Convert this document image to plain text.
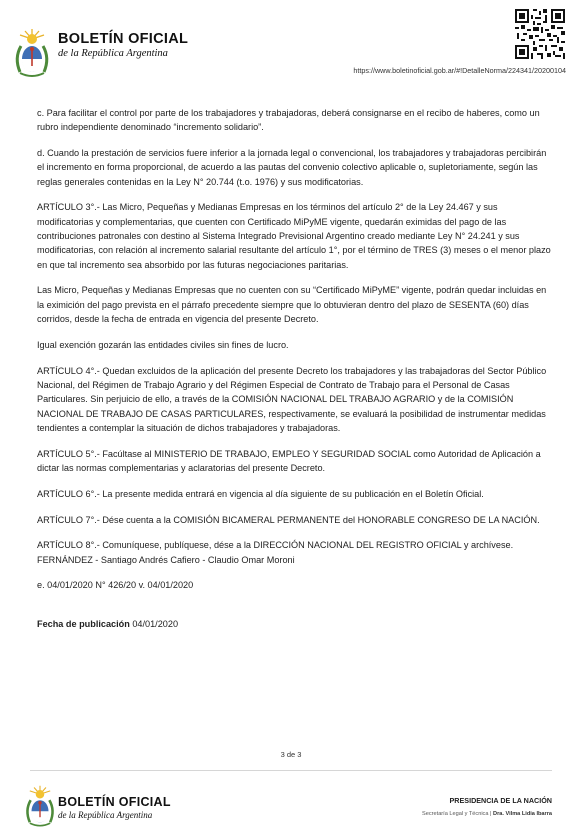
BOLETÍN OFICIAL
de la República Argentina
https://www.boletinoficial.gob.ar/#!DetalleNorma/224341/20200104

c. Para facilitar el control por parte de los trabajadores y trabajadoras, deberá consignarse en el recibo de haberes, como un rubro independiente denominado “incremento solidario”.

d. Cuando la prestación de servicios fuere inferior a la jornada legal o convencional, los trabajadores y trabajadoras percibirán el incremento en forma proporcional, de acuerdo a las pautas del convenio colectivo aplicable o, supletoriamente, según las reglas generales contenidas en la Ley N° 20.744 (t.o. 1976) y sus modificatorias.

ARTÍCULO 3°.- Las Micro, Pequeñas y Medianas Empresas en los términos del artículo 2° de la Ley 24.467 y sus modificatorias y complementarias, que cuenten con Certificado MiPyME vigente, quedarán eximidas del pago de las contribuciones patronales con destino al Sistema Integrado Previsional Argentino creado mediante Ley N° 24.241 y sus modificatorias, con relación al incremento salarial resultante del artículo 1°, por el término de TRES (3) meses o el menor plazo en que tal incremento sea absorbido por las futuras negociaciones paritarias.

Las Micro, Pequeñas y Medianas Empresas que no cuenten con su “Certificado MiPyME” vigente, podrán quedar incluidas en la eximición del pago prevista en el párrafo precedente siempre que lo obtuvieran dentro del plazo de SESENTA (60) días corridos, desde la fecha de entrada en vigencia del presente Decreto.

Igual exención gozarán las entidades civiles sin fines de lucro.

ARTÍCULO 4°.- Quedan excluidos de la aplicación del presente Decreto los trabajadores y las trabajadoras del Sector Público Nacional, del Régimen de Trabajo Agrario y del Régimen Especial de Contrato de Trabajo para el Personal de Casas Particulares. Sin perjuicio de ello, a través de la COMISIÓN NACIONAL DEL TRABAJO AGRARIO y de la COMISIÓN NACIONAL DE TRABAJO DE CASAS PARTICULARES, respectivamente, se evaluará la posibilidad de instrumentar medidas tendientes a contemplar la situación de dichos trabajadores y trabajadoras.

ARTÍCULO 5°.- Facúltase al MINISTERIO DE TRABAJO, EMPLEO Y SEGURIDAD SOCIAL como Autoridad de Aplicación a dictar las normas complementarias y aclaratorias del presente Decreto.

ARTÍCULO 6°.- La presente medida entrará en vigencia al día siguiente de su publicación en el Boletín Oficial.

ARTÍCULO 7°.- Dése cuenta a la COMISIÓN BICAMERAL PERMANENTE del HONORABLE CONGRESO DE LA NACIÓN.

ARTÍCULO 8°.- Comuníquese, publíquese, dése a la DIRECCIÓN NACIONAL DEL REGISTRO OFICIAL y archívese. FERNÁNDEZ - Santiago Andrés Cafiero - Claudio Omar Moroni

e. 04/01/2020 N° 426/20 v. 04/01/2020

Fecha de publicación 04/01/2020

3 de 3
BOLETÍN OFICIAL
de la República Argentina
PRESIDENCIA DE LA NACIÓN
Secretaría Legal y Técnica | Dra. Vilma Lidia Ibarra
